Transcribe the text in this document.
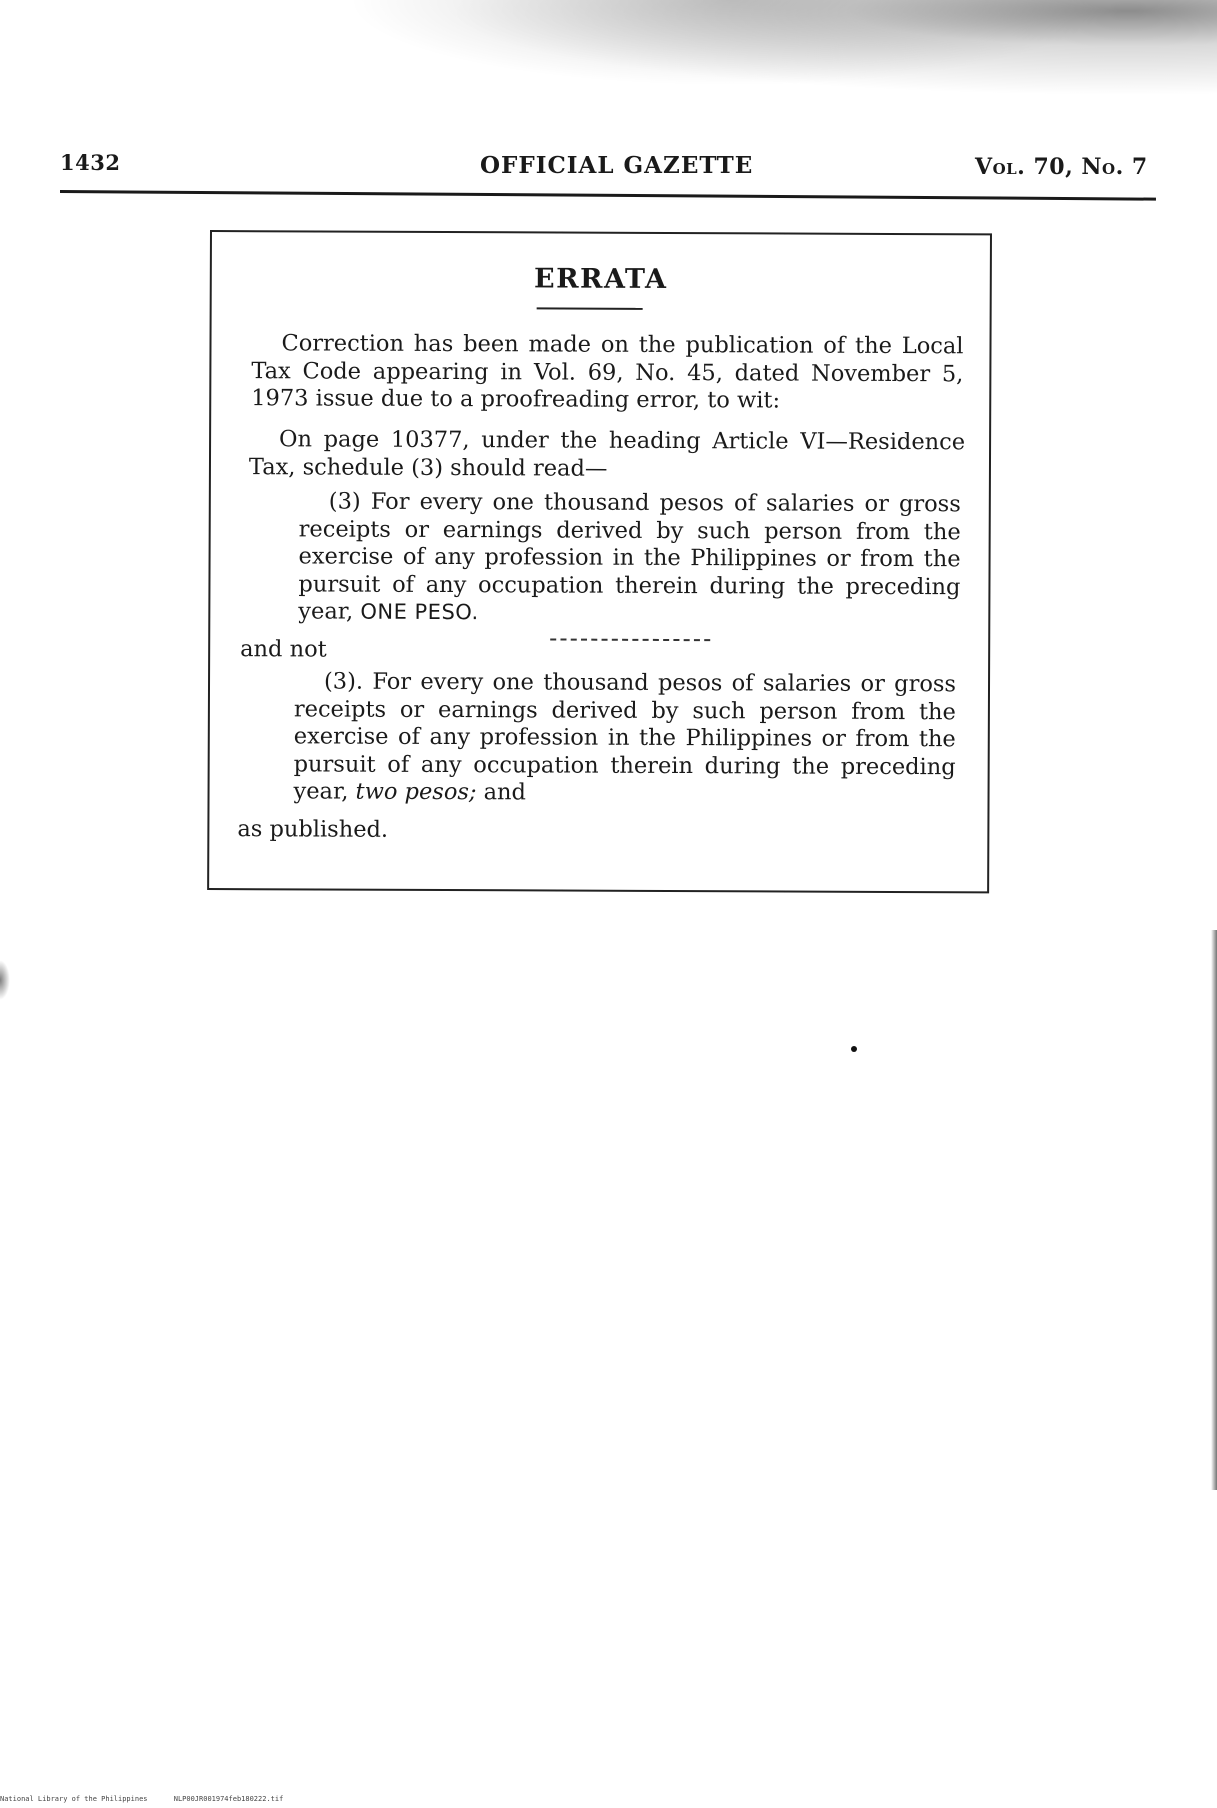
1432	OFFICIAL GAZETTE	Vol. 70, No. 7
ERRATA

Correction has been made on the publication of the Local Tax Code appearing in Vol. 69, No. 45, dated November 5, 1973 issue due to a proofreading error, to wit:

On page 10377, under the heading Article VI—Residence Tax, schedule (3) should read—

(3) For every one thousand pesos of salaries or gross receipts or earnings derived by such person from the exercise of any profession in the Philippines or from the pursuit of any occupation therein during the preceding year, ONE PESO.

and not

(3). For every one thousand pesos of salaries or gross receipts or earnings derived by such person from the exercise of any profession in the Philippines or from the pursuit of any occupation therein during the preceding year, two pesos; and

as published.

National Library of the Philippines	NLP00JR001974feb180222.tif
